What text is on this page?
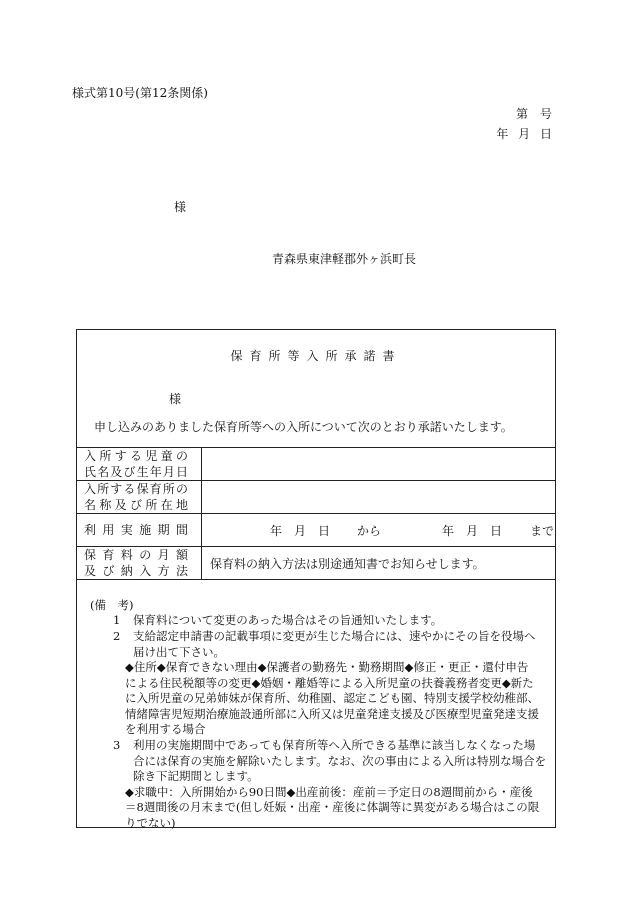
様式第10号(第12条関係)
第　号
年 月 日
様
青森県東津軽郡外ヶ浜町長
保育所等入所承諾書
様
申し込みのありました保育所等への入所について次のとおり承諾いたします。
入所する児童の
氏名及び生年月日	

入所する保育所の
名称及び所在地	

利用実施期間	年　月　日 から 年　月　日 まで

保育料の月額
及び納入方法	保育料の納入方法は別途通知書でお知らせします。
(備　考)
1 保育料について変更のあった場合はその旨通知いたします。
2 支給認定申請書の記載事項に変更が生じた場合には、速やかにその旨を役場へ
届け出て下さい。
◆住所◆保育できない理由◆保護者の勤務先・勤務期間◆修正・更正・還付申告
による住民税額等の変更◆婚姻・離婚等による入所児童の扶養義務者変更◆新た
に入所児童の兄弟姉妹が保育所、幼稚園、認定こども園、特別支援学校幼稚部、
情緒障害児短期治療施設通所部に入所又は児童発達支援及び医療型児童発達支援
を利用する場合
3 利用の実施期間中であっても保育所等へ入所できる基準に該当しなくなった場
合には保育の実施を解除いたします。なお、次の事由による入所は特別な場合を
除き下記期間とします。
◆求職中：入所開始から90日間◆出産前後：産前＝予定日の8週間前から・産後
＝8週間後の月末まで(但し妊娠・出産・産後に体調等に異変がある場合はこの限
りでない)
